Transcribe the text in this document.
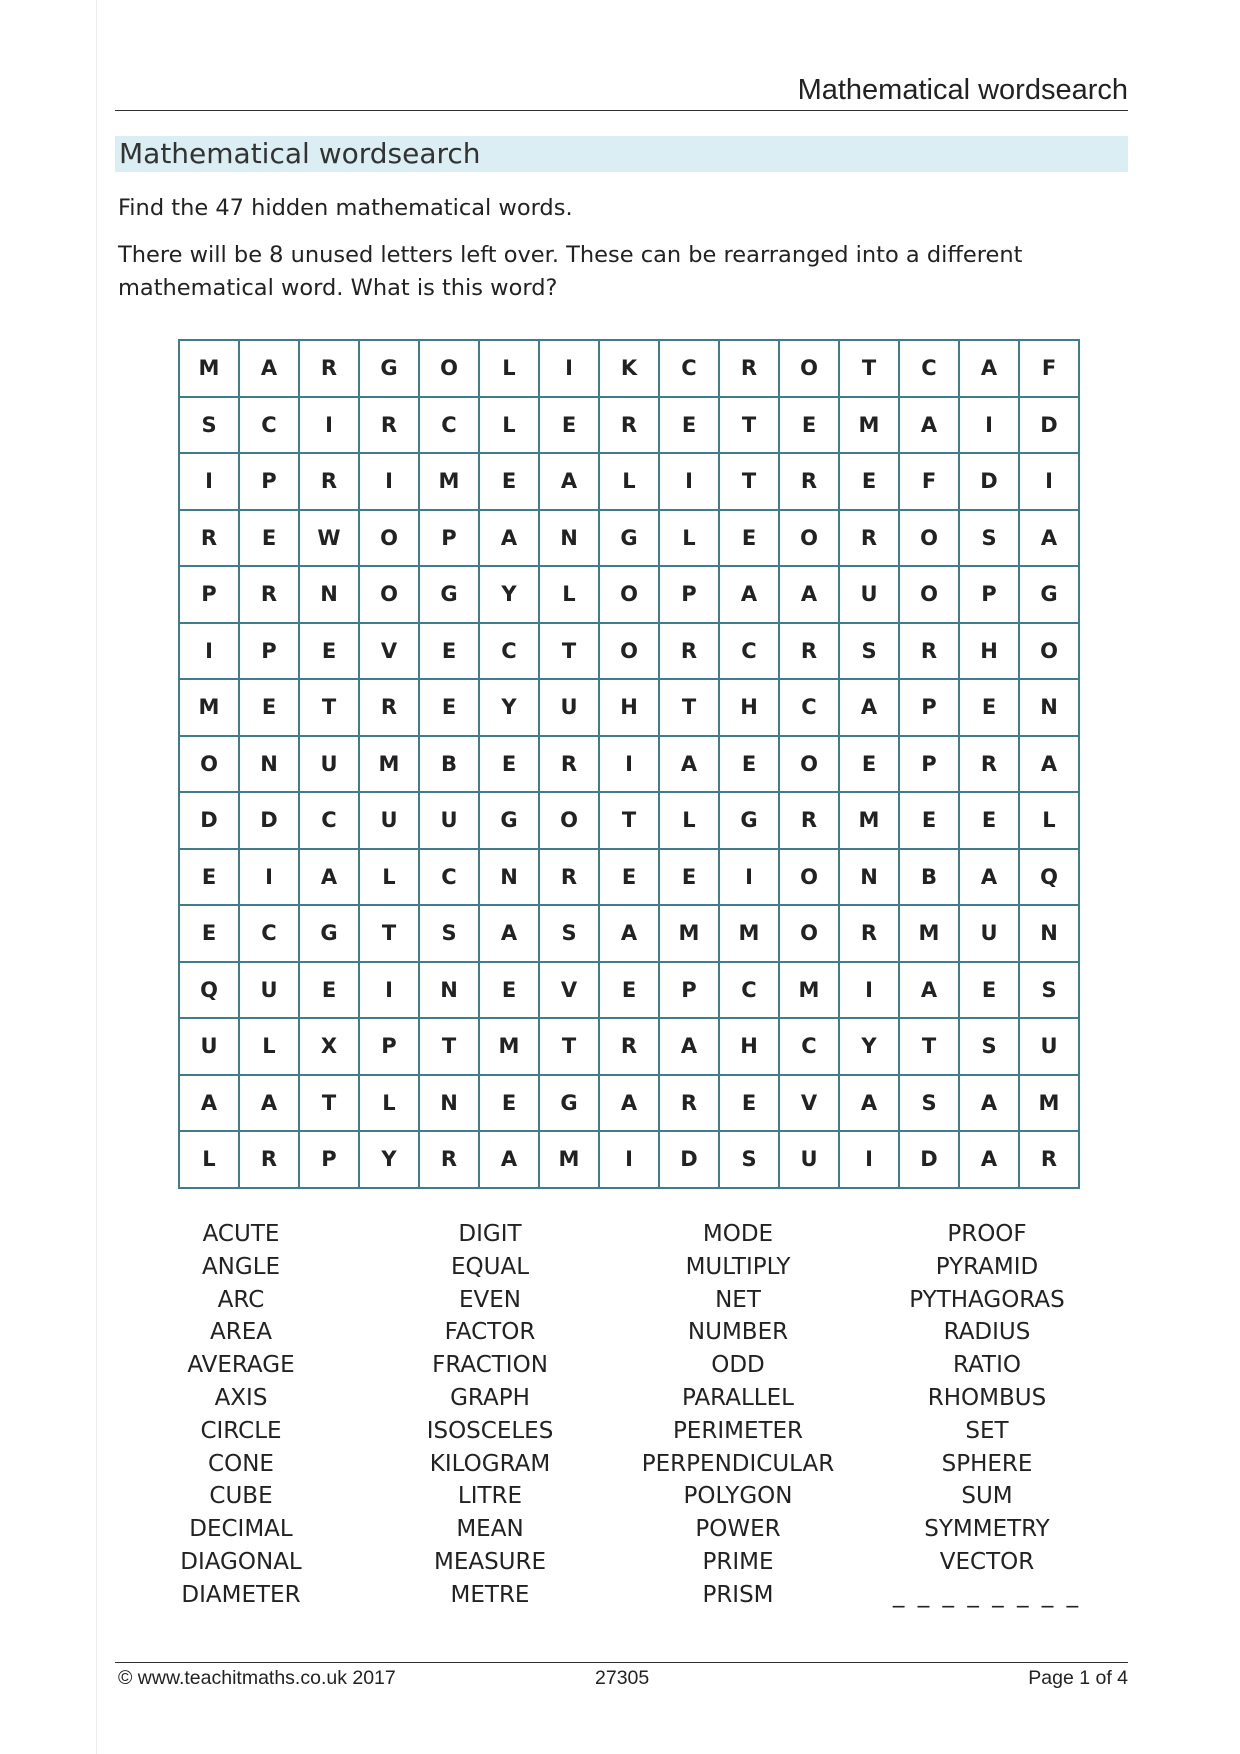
Mathematical wordsearch
Mathematical wordsearch

Find the 47 hidden mathematical words.

There will be 8 unused letters left over. These can be rearranged into a different mathematical word. What is this word?

M	A	R	G	O	L	I	K	C	R	O	T	C	A	F
S	C	I	R	C	L	E	R	E	T	E	M	A	I	D
I	P	R	I	M	E	A	L	I	T	R	E	F	D	I
R	E	W	O	P	A	N	G	L	E	O	R	O	S	A
P	R	N	O	G	Y	L	O	P	A	A	U	O	P	G
I	P	E	V	E	C	T	O	R	C	R	S	R	H	O
M	E	T	R	E	Y	U	H	T	H	C	A	P	E	N
O	N	U	M	B	E	R	I	A	E	O	E	P	R	A
D	D	C	U	U	G	O	T	L	G	R	M	E	E	L
E	I	A	L	C	N	R	E	E	I	O	N	B	A	Q
E	C	G	T	S	A	S	A	M	M	O	R	M	U	N
Q	U	E	I	N	E	V	E	P	C	M	I	A	E	S
U	L	X	P	T	M	T	R	A	H	C	Y	T	S	U
A	A	T	L	N	E	G	A	R	E	V	A	S	A	M
L	R	P	Y	R	A	M	I	D	S	U	I	D	A	R
ACUTE
ANGLE
ARC
AREA
AVERAGE
AXIS
CIRCLE
CONE
CUBE
DECIMAL
DIAGONAL
DIAMETER
DIGIT
EQUAL
EVEN
FACTOR
FRACTION
GRAPH
ISOSCELES
KILOGRAM
LITRE
MEAN
MEASURE
METRE
MODE
MULTIPLY
NET
NUMBER
ODD
PARALLEL
PERIMETER
PERPENDICULAR
POLYGON
POWER
PRIME
PRISM
PROOF
PYRAMID
PYTHAGORAS
RADIUS
RATIO
RHOMBUS
SET
SPHERE
SUM
SYMMETRY
VECTOR
_ _ _ _ _ _ _ _
© www.teachitmaths.co.uk 2017	27305	Page 1 of 4
